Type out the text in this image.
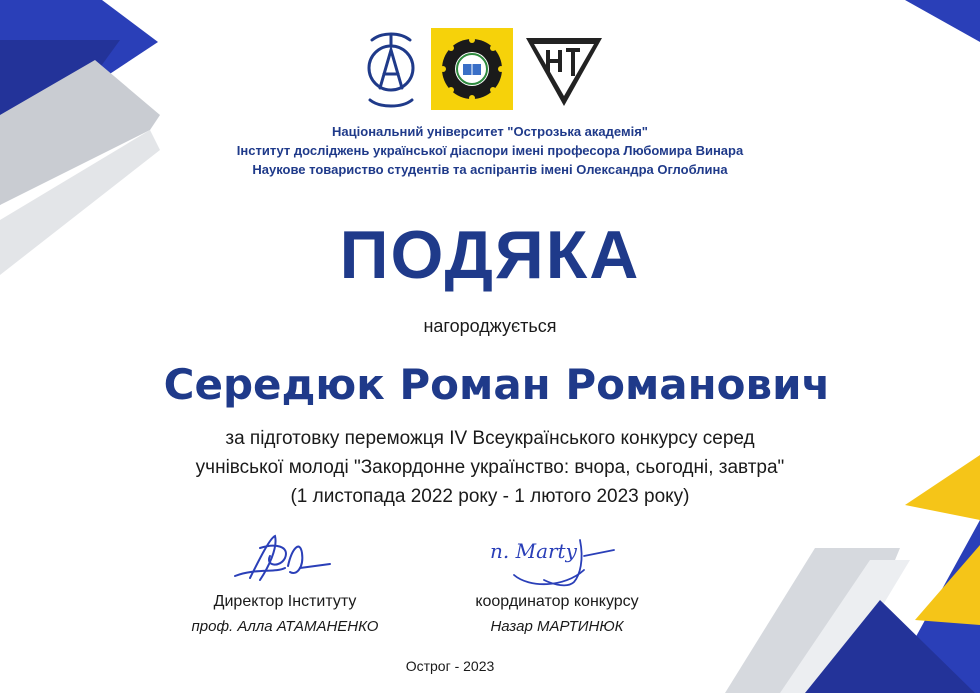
Національний університет "Острозька академія"
Інститут досліджень української діаспори імені професора Любомира Винара
Наукове товариство студентів та аспірантів імені Олександра Оглоблина
ПОДЯКА
нагороджується
Середюк Роман Романович
за підготовку переможця IV Всеукраїнського конкурсу серед
учнівської молоді "Закордонне українство: вчора, сьогодні, завтра"
(1 листопада 2022 року - 1 лютого 2023 року)
n. Marty
Директор Інституту
проф. Алла АТАМАНЕНКО
координатор конкурсу
Назар МАРТИНЮК
Острог - 2023
